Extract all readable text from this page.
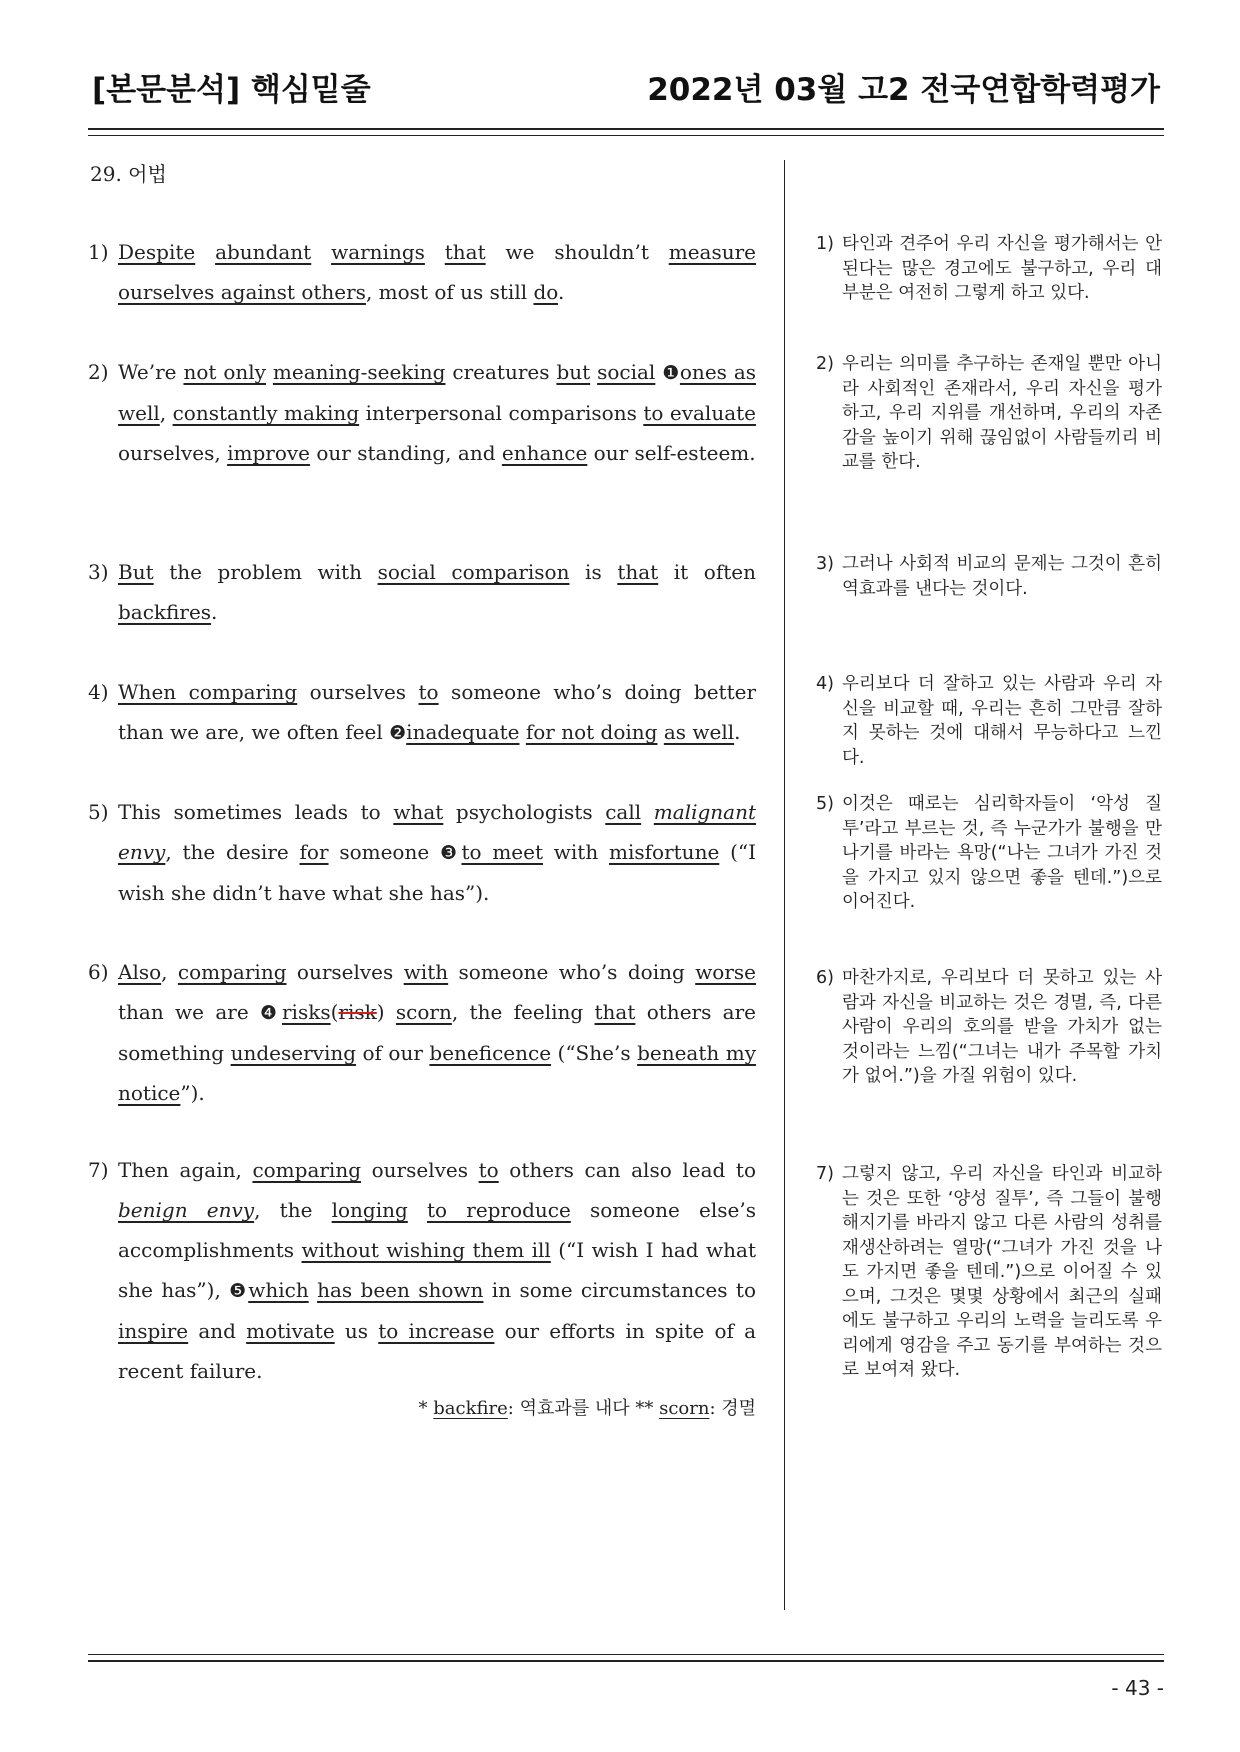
[본문분석] 핵심밑줄	2022년 03월 고2 전국연합학력평가
29. 어법
1) Despite abundant warnings that we shouldn’t measure ourselves against others, most of us still do.
1) 타인과 견주어 우리 자신을 평가해서는 안 된다는 많은 경고에도 불구하고, 우리 대부분은 여전히 그렇게 하고 있다.
2) We’re not only meaning-seeking creatures but social ❶ones as well, constantly making interpersonal comparisons to evaluate ourselves, improve our standing, and enhance our self-esteem.
2) 우리는 의미를 추구하는 존재일 뿐만 아니라 사회적인 존재라서, 우리 자신을 평가하고, 우리 지위를 개선하며, 우리의 자존감을 높이기 위해 끊임없이 사람들끼리 비교를 한다.
3) But the problem with social comparison is that it often backfires.
3) 그러나 사회적 비교의 문제는 그것이 흔히 역효과를 낸다는 것이다.
4) When comparing ourselves to someone who’s doing better than we are, we often feel ❷inadequate for not doing as well.
4) 우리보다 더 잘하고 있는 사람과 우리 자신을 비교할 때, 우리는 흔히 그만큼 잘하지 못하는 것에 대해서 무능하다고 느낀다.
5) This sometimes leads to what psychologists call malignant envy, the desire for someone ❸to meet with misfortune (“I wish she didn’t have what she has”).
5) 이것은 때로는 심리학자들이 ‘악성 질투’라고 부르는 것, 즉 누군가가 불행을 만나기를 바라는 욕망(“나는 그녀가 가진 것을 가지고 있지 않으면 좋을 텐데.”)으로 이어진다.
6) Also, comparing ourselves with someone who’s doing worse than we are ❹risks(risk) scorn, the feeling that others are something undeserving of our beneficence (“She’s beneath my notice”).
6) 마찬가지로, 우리보다 더 못하고 있는 사람과 자신을 비교하는 것은 경멸, 즉, 다른 사람이 우리의 호의를 받을 가치가 없는 것이라는 느낌(“그녀는 내가 주목할 가치가 없어.”)을 가질 위험이 있다.
7) Then again, comparing ourselves to others can also lead to benign envy, the longing to reproduce someone else’s accomplishments without wishing them ill (“I wish I had what she has”), ❺which has been shown in some circumstances to inspire and motivate us to increase our efforts in spite of a recent failure.
7) 그렇지 않고, 우리 자신을 타인과 비교하는 것은 또한 ‘양성 질투’, 즉 그들이 불행해지기를 바라지 않고 다른 사람의 성취를 재생산하려는 열망(“그녀가 가진 것을 나도 가지면 좋을 텐데.”)으로 이어질 수 있으며, 그것은 몇몇 상황에서 최근의 실패에도 불구하고 우리의 노력을 늘리도록 우리에게 영감을 주고 동기를 부여하는 것으로 보여져 왔다.
* backfire: 역효과를 내다 ** scorn: 경멸
- 43 -
